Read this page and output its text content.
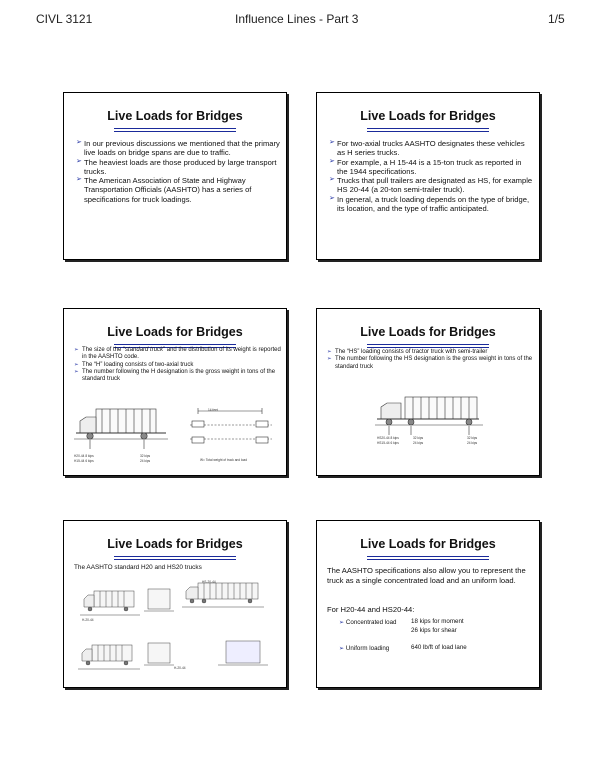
CIVL 3121	Influence Lines - Part 3	1/5
Live Loads for Bridges
➢ In our previous discussions we mentioned that the primary live loads on bridge spans are due to traffic.
➢ The heaviest loads are those produced by large transport trucks.
➢ The American Association of State and Highway Transportation Officials (AASHTO) has a series of specifications for truck loadings.
Live Loads for Bridges
➢ For two-axial trucks AASHTO designates these vehicles as H series trucks.
➢ For example, a H 15-44 is a 15-ton truck as reported in the 1944 specifications.
➢ Trucks that pull trailers are designated as HS, for example HS 20-44 (a 20-ton semi-trailer truck).
➢ In general, a truck loading depends on the type of bridge, its location, and the type of traffic anticipated.
Live Loads for Bridges
➢ The size of the “standard truck” and the distribution of its weight is reported in the AASHTO code.
➢ The “H” loading consists of two-axial truck
➢ The number following the H designation is the gross weight in tons of the standard truck
14 feet
H20-44 8 kips
H15-44 6 kips
32 kips
24 kips	W= Total weight of truck and load
Live Loads for Bridges
➢ The “HS” loading consists of tractor truck with semi-trailer
➢ The number following the HS designation is the gross weight in tons of the standard truck
HS20-44 8 kips
HS15-44 6 kips
32 kips
24 kips
32 kips
24 kips
Live Loads for Bridges
The AASHTO standard H20 and HS20 trucks
HS-20-44
H-20-44
H-20-44
Live Loads for Bridges
The AASHTO specifications also allow you to represent the truck as a single concentrated load and an uniform load.
For H20-44 and HS20-44:
➢ Concentrated load 18 kips for moment
26 kips for shear
➢ Uniform loading	640 lb/ft of load lane
